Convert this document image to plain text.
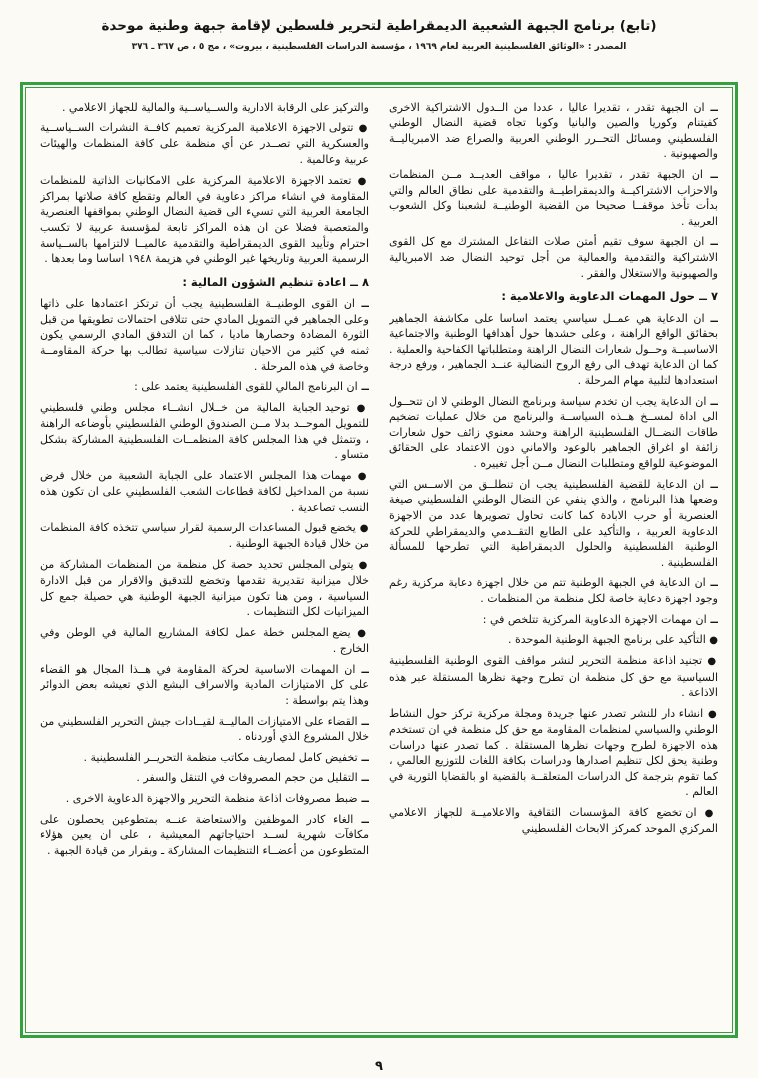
(تابع) برنامج الجبهة الشعبية الديمقراطية لتحرير فلسطين لإقامة جبهة وطنية موحدة
المصدر : «الوثائق الفلسطينية العربية لعام ١٩٦٩ ، مؤسسة الدراسات الفلسطينية ، بيروت» ، مج ٥ ، ص ٣٦٧ ـ ٣٧٦

ــ ان الجبهة تقدر ، تقديرا عاليا ، عددا من الــدول الاشتراكية الاخرى كفيتنام وكوريا والصين والبانيا وكوبا تجاه قضية النضال الوطني الفلسطيني ومسائل التحــرر الوطني العربية والصراع ضد الامبرياليــة والصهيونية .

ــ ان الجبهة تقدر ، تقديرا عاليا ، مواقف العديــد مــن المنظمات والاحزاب الاشتراكيــة والديمقراطيــة والتقدمية على نطاق العالم والتي بدأت تأخذ موقفــا صحيحا من القضية الوطنيــة لشعبنا وكل الشعوب العربية .

ــ ان الجبهة سوف تقيم أمتن صلات التفاعل المشترك مع كل القوى الاشتراكية والتقدمية والعمالية من أجل توحيد النضال ضد الامبريالية والصهيونية والاستغلال والفقر .

٧ ــ حول المهمات الدعاوية والاعلامية :

ــ ان الدعاية هي عمــل سياسي يعتمد اساسا على مكاشفة الجماهير بحقائق الواقع الراهنة ، وعلى حشدها حول أهدافها الوطنية والاجتماعية الاساسيــة وحــول شعارات النضال الراهنة ومتطلباتها الكفاحية والعملية . كما ان الدعاية تهدف الى رفع الروح النضالية عنــد الجماهير ، ورفع درجة استعدادها لتلبية مهام المرحلة .

ــ ان الدعاية يجب ان تخدم سياسة وبرنامج النضال الوطني لا ان تتحــول الى اداة لمســخ هــذه السياســة والبرنامج من خلال عمليات تضخيم طاقات النضــال الفلسطينية الراهنة وحشد معنوي زائف حول شعارات زائفة او اغراق الجماهير بالوعود والاماني دون الاعتماد على الحقائق الموضوعية للواقع ومتطلبات النضال مــن أجل تغييره .

ــ ان الدعاية للقضية الفلسطينية يجب ان تنطلــق من الاســس التي وضعها هذا البرنامج ، والذي ينفي عن النضال الوطني الفلسطيني صيغة العنصرية أو حرب الابادة كما كانت تحاول تصويرها عدد من الاجهزة الدعاوية العربية ، والتأكيد على الطابع التقــدمي والديمقراطي للحركة الوطنية الفلسطينية والحلول الديمقراطية التي تطرحها للمسألة الفلسطينية .

ــ ان الدعاية في الجبهة الوطنية تتم من خلال اجهزة دعاية مركزية رغم وجود اجهزة دعاية خاصة لكل منظمة من المنظمات .

ــ ان مهمات الاجهزة الدعاوية المركزية تتلخص في :

● التأكيد على برنامج الجبهة الوطنية الموحدة .

● تجنيد اذاعة منظمة التحرير لنشر مواقف القوى الوطنية الفلسطينية السياسية مع حق كل منظمة ان تطرح وجهة نظرها المستقلة عبر هذه الاذاعة .

● انشاء دار للنشر تصدر عنها جريدة ومجلة مركزية تركز حول النشاط الوطني والسياسي لمنظمات المقاومة مع حق كل منظمة في ان تستخدم هذه الاجهزة لطرح وجهات نظرها المستقلة . كما تصدر عنها دراسات وطنية يحق لكل تنظيم اصدارها ودراسات بكافة اللغات للتوزيع العالمي ، كما تقوم بترجمة كل الدراسات المتعلقــة بالقضية او بالقضايا الثورية في العالم .

● ان تخضع كافة المؤسسات الثقافية والاعلاميــة للجهاز الاعلامي المركزي الموحد كمركز الابحاث الفلسطيني

والتركيز على الرقابة الادارية والســياســية والمالية للجهاز الاعلامي .

● تتولى الاجهزة الاعلامية المركزية تعميم كافــة النشرات الســياســية والعسكرية التي تصــدر عن أي منظمة على كافة المنظمات والهيئات عربية وعالمية .

● تعتمد الاجهزة الاعلامية المركزية على الامكانيات الذاتية للمنظمات المقاومة في انشاء مراكز دعاوية في العالم وتقطع كافة صلاتها بمراكز الجامعة العربية التي تسيء الى قضية النضال الوطني بمواقفها العنصرية والمتعصبة فضلا عن ان هذه المراكز تابعة لمؤسسة عربية لا تكسب احترام وتأييد القوى الديمقراطية والتقدمية عالميــا لالتزامها بالســياسة الرسمية العربية وتاريخها غير الوطني في هزيمة ١٩٤٨ اساسا وما بعدها .

٨ ــ اعادة تنظيم الشؤون المالية :

ــ ان القوى الوطنيــة الفلسطينية يجب أن ترتكز اعتمادها على ذاتها وعلى الجماهير في التمويل المادي حتى تتلافى احتمالات تطويقها من قبل الثورة المضادة وحصارها ماديا ، كما ان التدفق المادي الرسمي يكون ثمنه في كثير من الاحيان تنازلات سياسية تطالب بها حركة المقاومــة وخاصة في هذه المرحلة .

ــ ان البرنامج المالي للقوى الفلسطينية يعتمد على :

● توحيد الجباية المالية من خــلال انشــاء مجلس وطني فلسطيني للتمويل الموحــد بدلا مــن الصندوق الوطني الفلسطيني بأوضاعه الراهنة ، وتتمثل في هذا المجلس كافة المنظمــات الفلسطينية المشاركة بشكل متساو .

● مهمات هذا المجلس الاعتماد على الجباية الشعبية من خلال فرض نسبة من المداخيل لكافة قطاعات الشعب الفلسطيني على ان تكون هذه النسب تصاعدية .

● يخضع قبول المساعدات الرسمية لقرار سياسي تتخذه كافة المنظمات من خلال قيادة الجبهة الوطنية .

● يتولى المجلس تحديد حصة كل منظمة من المنظمات المشاركة من خلال ميزانية تقديرية تقدمها وتخضع للتدقيق والاقرار من قبل الادارة السياسية ، ومن هنا تكون ميزانية الجبهة الوطنية هي حصيلة جمع كل الميزانيات لكل التنظيمات .

● يضع المجلس خطة عمل لكافة المشاريع المالية في الوطن وفي الخارج .

ــ ان المهمات الاساسية لحركة المقاومة في هــذا المجال هو القضاء على كل الامتيازات المادية والاسراف البشع الذي تعيشه بعض الدوائر وهذا يتم بواسطة :

ــ القضاء على الامتيازات الماليــة لقيــادات جيش التحرير الفلسطيني من خلال المشروع الذي أوردناه .

ــ تخفيض كامل لمصاريف مكاتب منظمة التحريــر الفلسطينية .

ــ التقليل من حجم المصروفات في التنقل والسفر .

ــ ضبط مصروفات اذاعة منظمة التحرير والاجهزة الدعاوية الاخرى .

ــ الغاء كادر الموظفين والاستعاضة عنــه بمتطوعين يحصلون على مكافآت شهرية لســد احتياجاتهم المعيشية ، على ان يعين هؤلاء المتطوعون من أعضــاء التنظيمات المشاركة ـ وبقرار من قيادة الجبهة .

٩
